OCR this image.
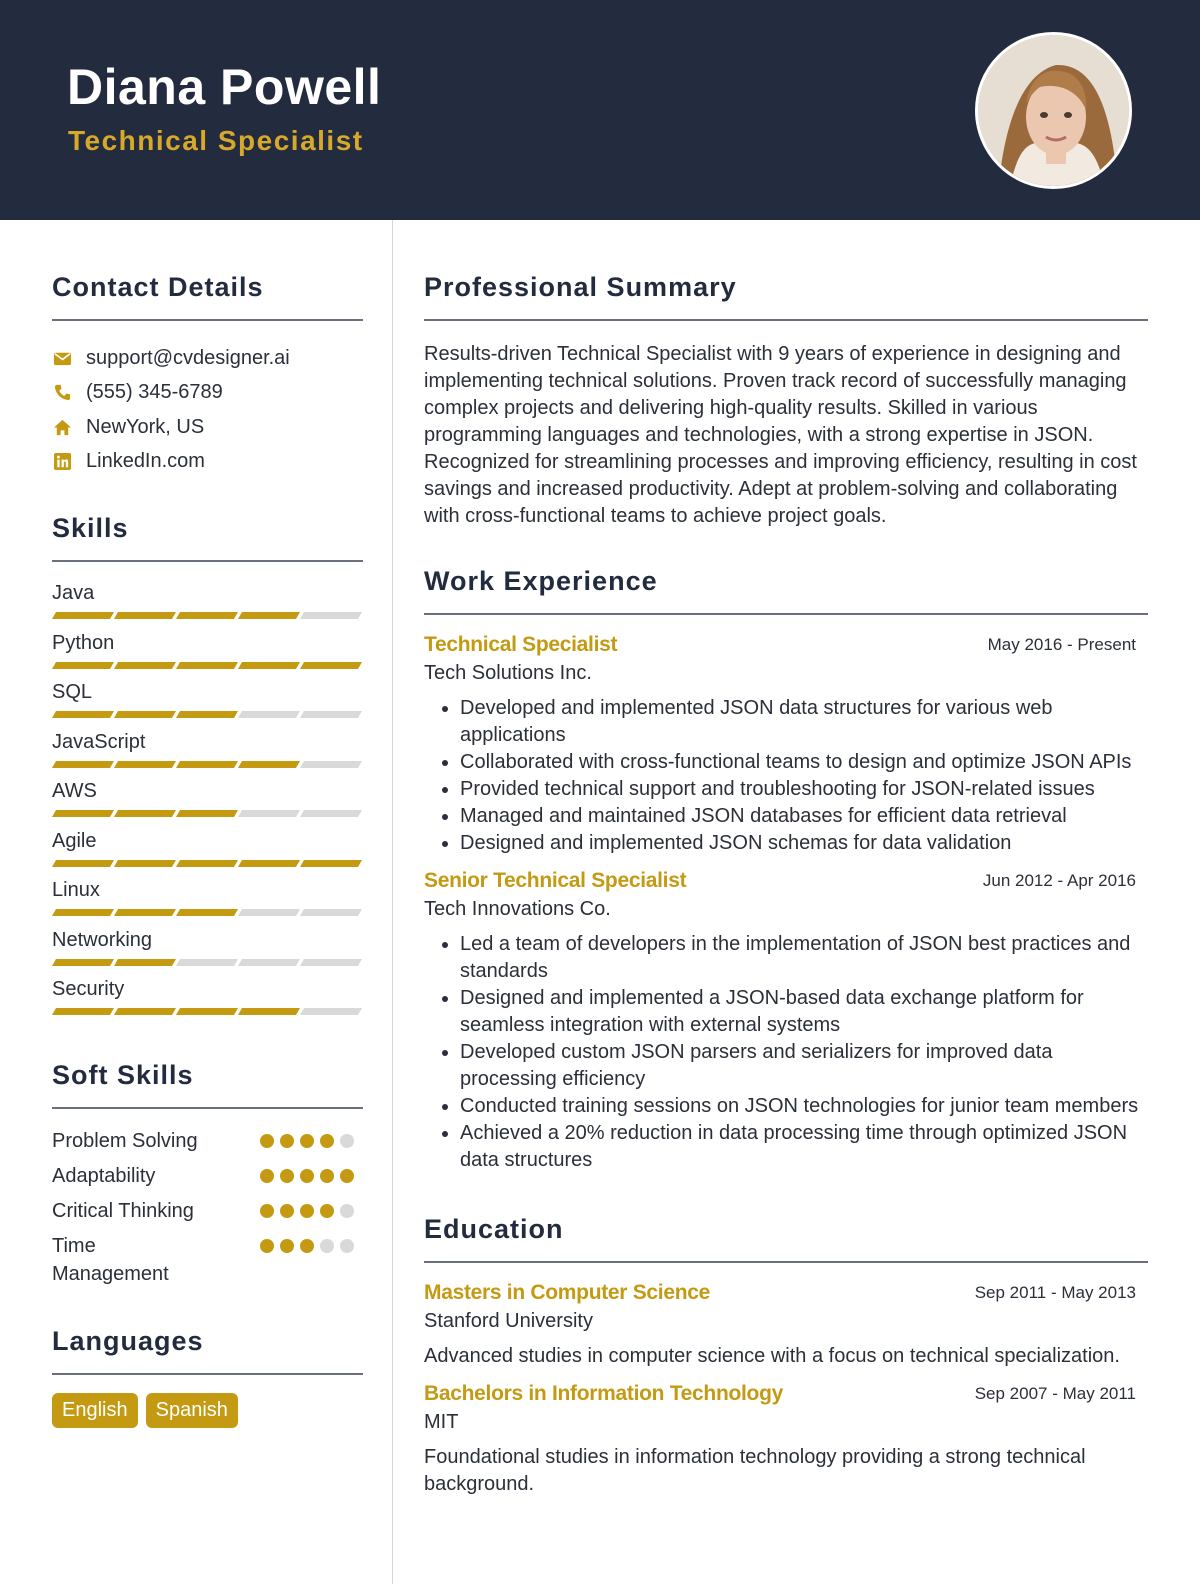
Diana Powell
Technical Specialist
Contact Details
support@cvdesigner.ai
(555) 345-6789
NewYork, US
LinkedIn.com
Skills
Java
Python
SQL
JavaScript
AWS
Agile
Linux
Networking
Security
Soft Skills
Problem Solving
Adaptability
Critical Thinking
Time Management
Languages
English	Spanish
Professional Summary
Results-driven Technical Specialist with 9 years of experience in designing and implementing technical solutions. Proven track record of successfully managing complex projects and delivering high-quality results. Skilled in various programming languages and technologies, with a strong expertise in JSON. Recognized for streamlining processes and improving efficiency, resulting in cost savings and increased productivity. Adept at problem-solving and collaborating with cross-functional teams to achieve project goals.
Work Experience
Technical Specialist	May 2016 - Present
Tech Solutions Inc.
• Developed and implemented JSON data structures for various web applications
• Collaborated with cross-functional teams to design and optimize JSON APIs
• Provided technical support and troubleshooting for JSON-related issues
• Managed and maintained JSON databases for efficient data retrieval
• Designed and implemented JSON schemas for data validation
Senior Technical Specialist	Jun 2012 - Apr 2016
Tech Innovations Co.
• Led a team of developers in the implementation of JSON best practices and standards
• Designed and implemented a JSON-based data exchange platform for seamless integration with external systems
• Developed custom JSON parsers and serializers for improved data processing efficiency
• Conducted training sessions on JSON technologies for junior team members
• Achieved a 20% reduction in data processing time through optimized JSON data structures
Education
Masters in Computer Science	Sep 2011 - May 2013
Stanford University
Advanced studies in computer science with a focus on technical specialization.
Bachelors in Information Technology	Sep 2007 - May 2011
MIT
Foundational studies in information technology providing a strong technical background.
